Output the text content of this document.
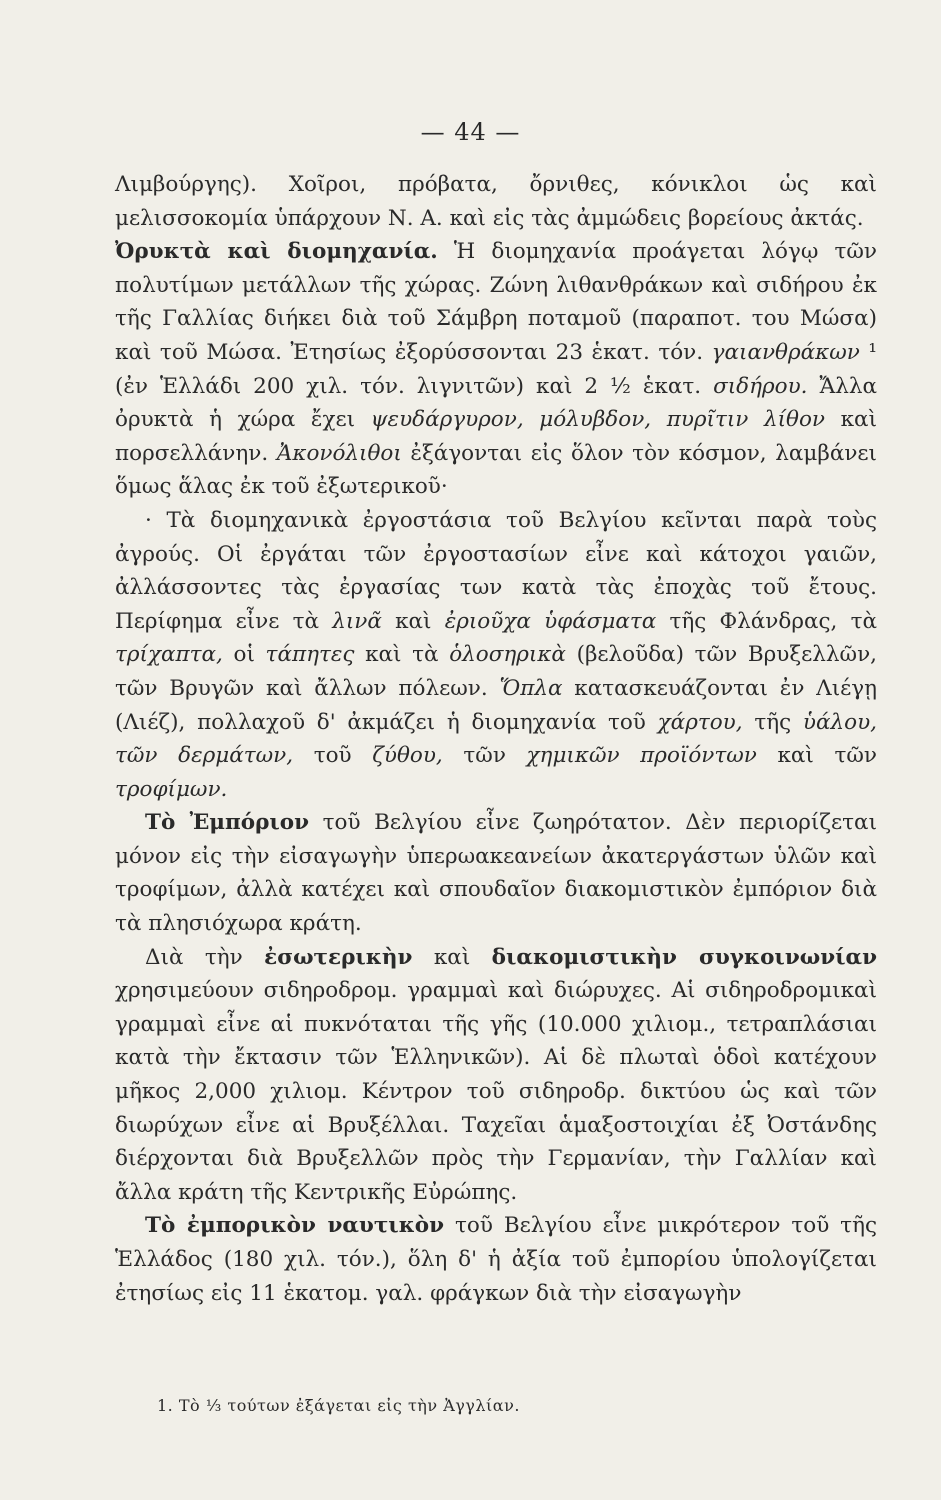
— 44 —

Λιμβούργης). Χοῖροι, πρόβατα, ὄρνιθες, κόνικλοι ὡς καὶ μελισσοκομία ὑπάρχουν Ν. Α. καὶ εἰς τὰς ἀμμώδεις βορείους ἀκτάς.

Ὀρυκτὰ καὶ διομηχανία. Ἡ διομηχανία προάγεται λόγῳ τῶν πολυτίμων μετάλλων τῆς χώρας. Ζώνη λιθανθράκων καὶ σιδήρου ἐκ τῆς Γαλλίας διήκει διὰ τοῦ Σάμβρη ποταμοῦ (παραποτ. του Μώσα) καὶ τοῦ Μώσα. Ἐτησίως ἐξορύσσονται 23 ἑκατ. τόν. γαιανθράκων ¹ (ἐν Ἑλλάδι 200 χιλ. τόν. λιγνιτῶν) καὶ 2 ½ ἑκατ. σιδήρου. Ἄλλα ὀρυκτὰ ἡ χώρα ἔχει ψευδάργυρον, μόλυβδον, πυρῖτιν λίθον καὶ πορσελλάνην. Ἀκονόλιθοι ἐξάγονται εἰς ὅλον τὸν κόσμον, λαμβάνει ὅμως ἅλας ἐκ τοῦ ἐξωτερικοῦ·

· Τὰ διομηχανικὰ ἐργοστάσια τοῦ Βελγίου κεῖνται παρὰ τοὺς ἀγρούς. Οἱ ἐργάται τῶν ἐργοστασίων εἶνε καὶ κάτοχοι γαιῶν, ἀλλάσσοντες τὰς ἐργασίας των κατὰ τὰς ἐποχὰς τοῦ ἔτους. Περίφημα εἶνε τὰ λινᾶ καὶ ἐριοῦχα ὑφάσματα τῆς Φλάνδρας, τὰ τρίχαπτα, οἱ τάπητες καὶ τὰ ὁλοσηρικὰ (βελοῦδα) τῶν Βρυξελλῶν, τῶν Βρυγῶν καὶ ἄλλων πόλεων. Ὅπλα κατασκευάζονται ἐν Λιέγῃ (Λιέζ), πολλαχοῦ δ' ἀκμάζει ἡ διομηχανία τοῦ χάρτου, τῆς ὑάλου, τῶν δερμάτων, τοῦ ζύθου, τῶν χημικῶν προϊόντων καὶ τῶν τροφίμων.

Τὸ Ἐμπόριον τοῦ Βελγίου εἶνε ζωηρότατον. Δὲν περιορίζεται μόνον εἰς τὴν εἰσαγωγὴν ὑπερωακεανείων ἀκατεργάστων ὑλῶν καὶ τροφίμων, ἀλλὰ κατέχει καὶ σπουδαῖον διακομιστικὸν ἐμπόριον διὰ τὰ πλησιόχωρα κράτη.

Διὰ τὴν ἐσωτερικὴν καὶ διακομιστικὴν συγκοινωνίαν χρησιμεύουν σιδηροδρομ. γραμμαὶ καὶ διώρυχες. Αἱ σιδηροδρομικαὶ γραμμαὶ εἶνε αἱ πυκνόταται τῆς γῆς (10.000 χιλιομ., τετραπλάσιαι κατὰ τὴν ἔκτασιν τῶν Ἑλληνικῶν). Αἱ δὲ πλωταὶ ὁδοὶ κατέχουν μῆκος 2,000 χιλιομ. Κέντρον τοῦ σιδηροδρ. δικτύου ὡς καὶ τῶν διωρύχων εἶνε αἱ Βρυξέλλαι. Ταχεῖαι ἁμαξοστοιχίαι ἐξ Ὀστάνδης διέρχονται διὰ Βρυξελλῶν πρὸς τὴν Γερμανίαν, τὴν Γαλλίαν καὶ ἄλλα κράτη τῆς Κεντρικῆς Εὐρώπης.

Τὸ ἐμπορικὸν ναυτικὸν τοῦ Βελγίου εἶνε μικρότερον τοῦ τῆς Ἑλλάδος (180 χιλ. τόν.), ὅλη δ' ἡ ἀξία τοῦ ἐμπορίου ὑπολογίζεται ἐτησίως εἰς 11 ἑκατομ. γαλ. φράγκων διὰ τὴν εἰσαγωγὴν

1. Τὸ ⅓ τούτων ἐξάγεται εἰς τὴν Ἀγγλίαν.
